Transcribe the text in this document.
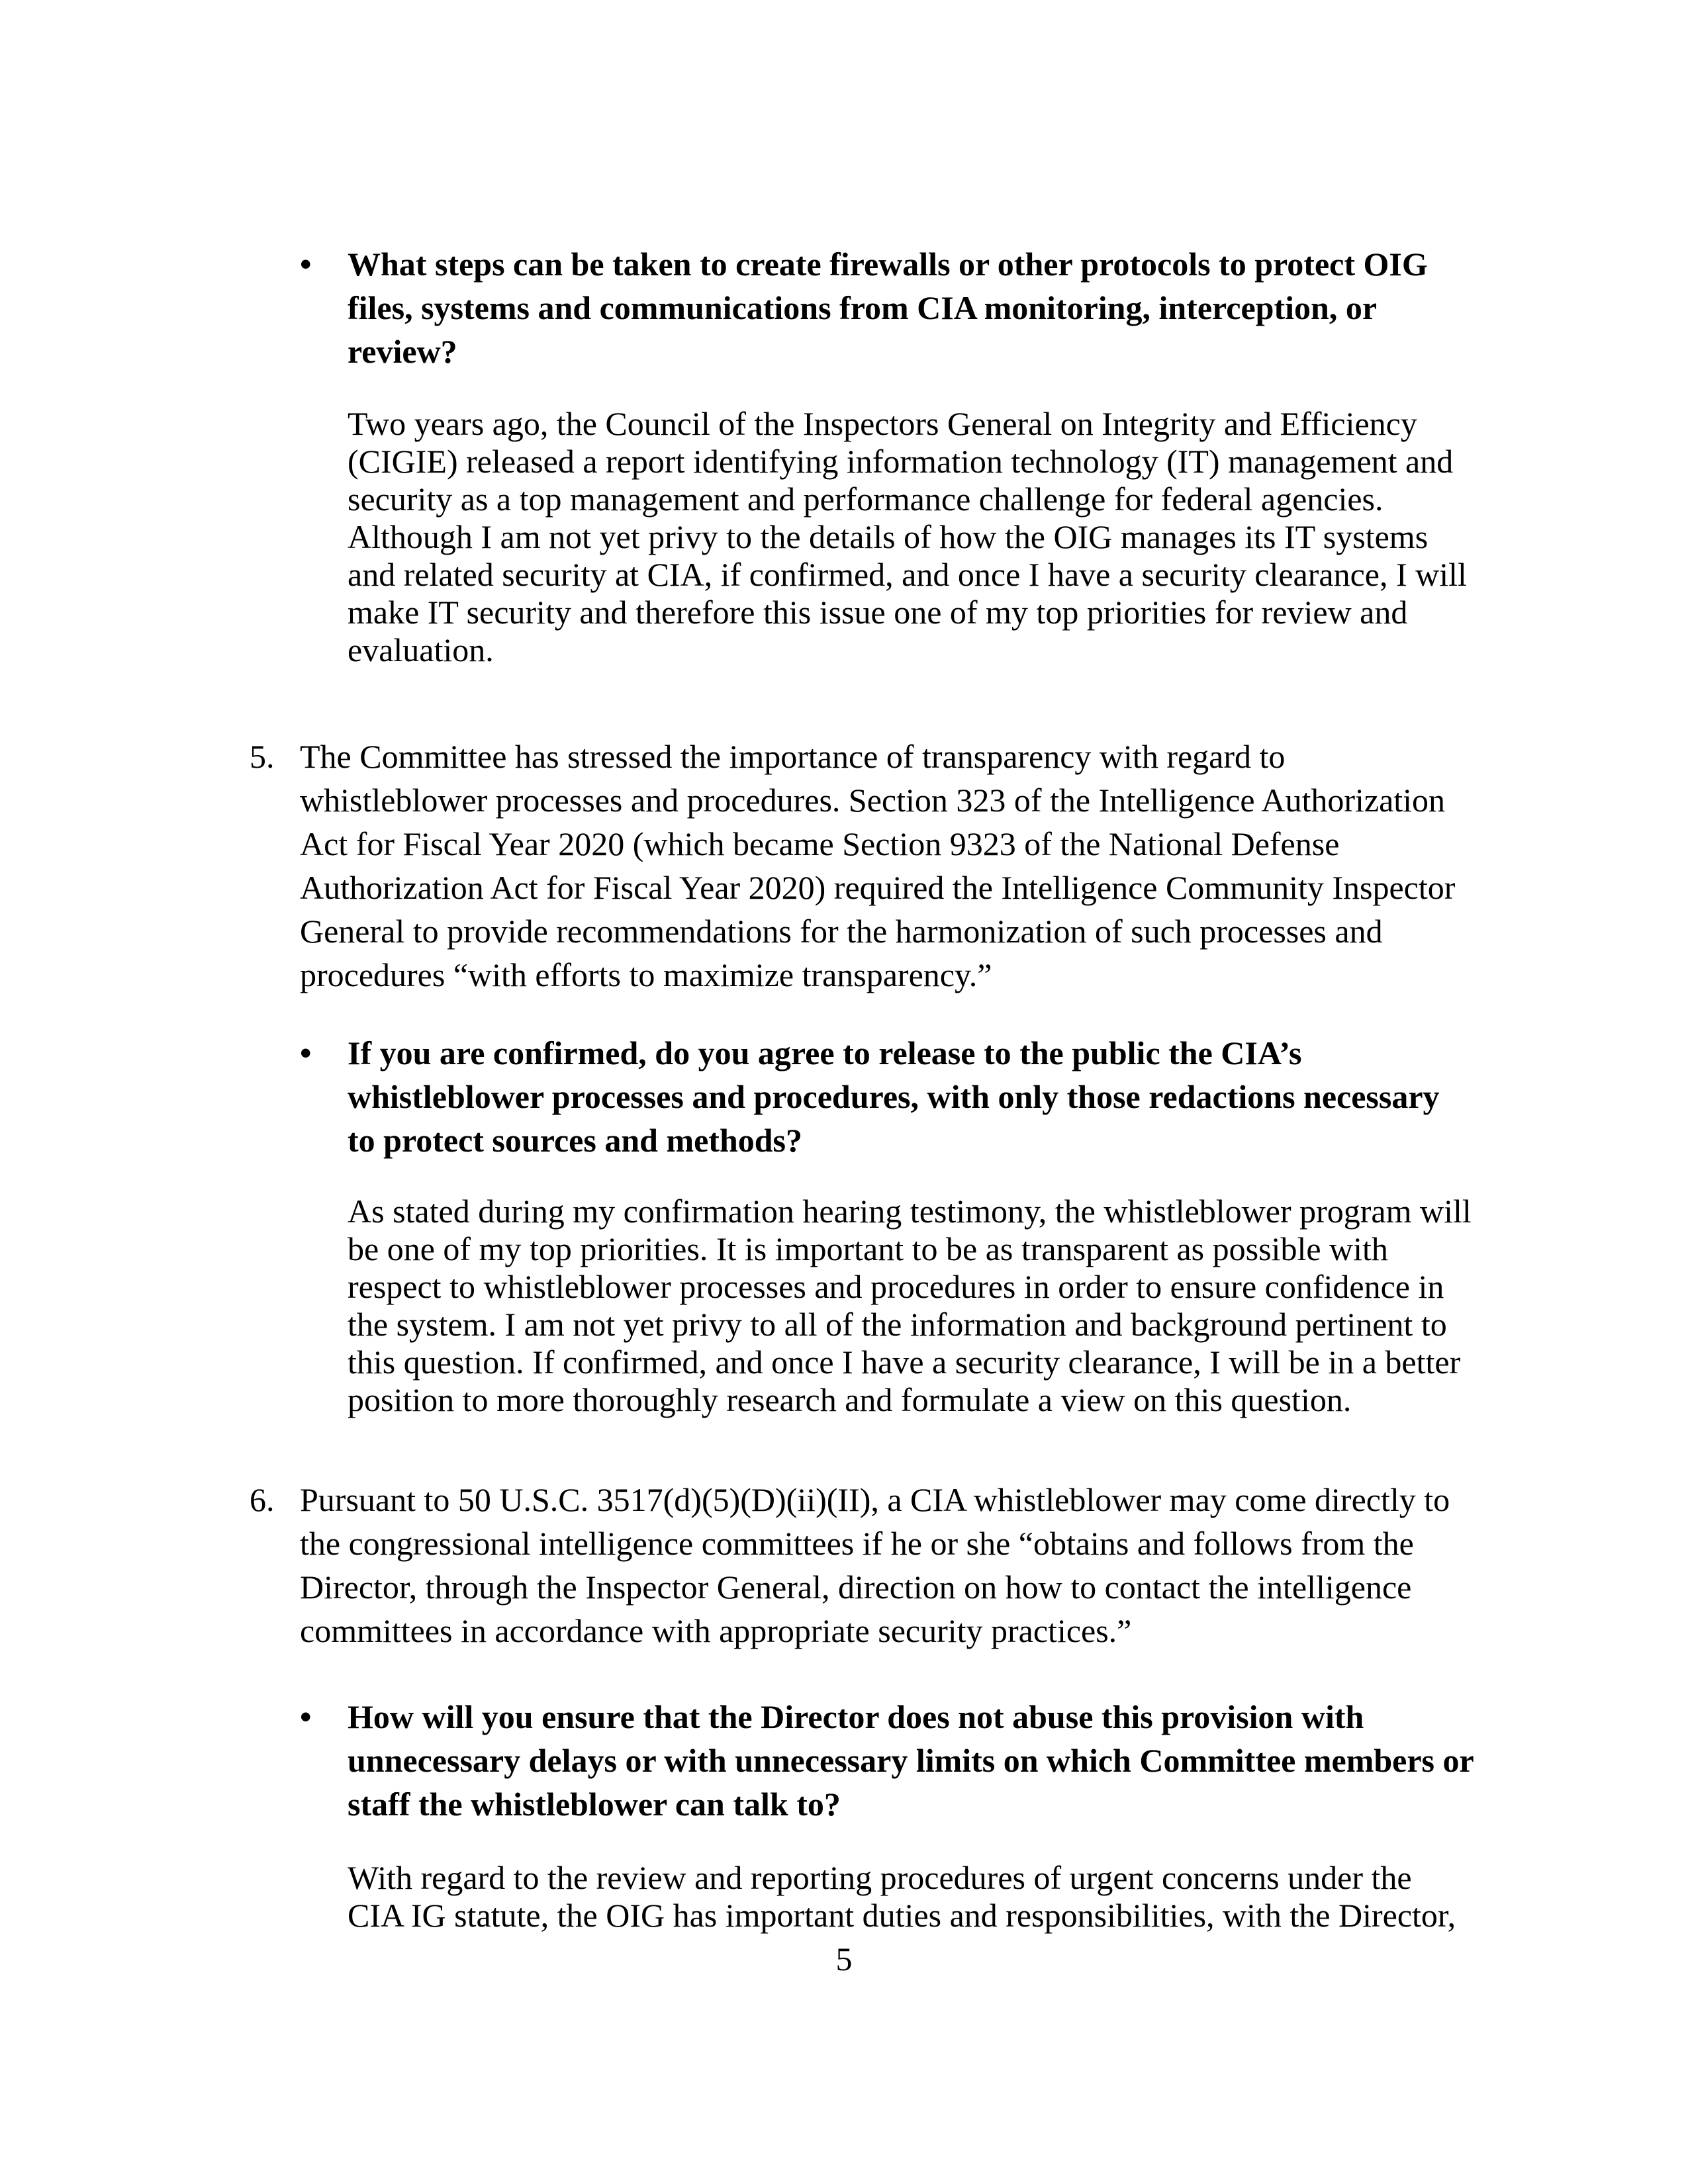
•	What steps can be taken to create firewalls or other protocols to protect OIG
files, systems and communications from CIA monitoring, interception, or
review?
Two years ago, the Council of the Inspectors General on Integrity and Efficiency
(CIGIE) released a report identifying information technology (IT) management and
security as a top management and performance challenge for federal agencies.
Although I am not yet privy to the details of how the OIG manages its IT systems
and related security at CIA, if confirmed, and once I have a security clearance, I will
make IT security and therefore this issue one of my top priorities for review and
evaluation.
5. The Committee has stressed the importance of transparency with regard to
whistleblower processes and procedures. Section 323 of the Intelligence Authorization
Act for Fiscal Year 2020 (which became Section 9323 of the National Defense
Authorization Act for Fiscal Year 2020) required the Intelligence Community Inspector
General to provide recommendations for the harmonization of such processes and
procedures “with efforts to maximize transparency.”
•	If you are confirmed, do you agree to release to the public the CIA’s
whistleblower processes and procedures, with only those redactions necessary
to protect sources and methods?
As stated during my confirmation hearing testimony, the whistleblower program will
be one of my top priorities. It is important to be as transparent as possible with
respect to whistleblower processes and procedures in order to ensure confidence in
the system. I am not yet privy to all of the information and background pertinent to
this question. If confirmed, and once I have a security clearance, I will be in a better
position to more thoroughly research and formulate a view on this question.
6. Pursuant to 50 U.S.C. 3517(d)(5)(D)(ii)(II), a CIA whistleblower may come directly to
the congressional intelligence committees if he or she “obtains and follows from the
Director, through the Inspector General, direction on how to contact the intelligence
committees in accordance with appropriate security practices.”
•	How will you ensure that the Director does not abuse this provision with
unnecessary delays or with unnecessary limits on which Committee members or
staff the whistleblower can talk to?
With regard to the review and reporting procedures of urgent concerns under the
CIA IG statute, the OIG has important duties and responsibilities, with the Director,
5
